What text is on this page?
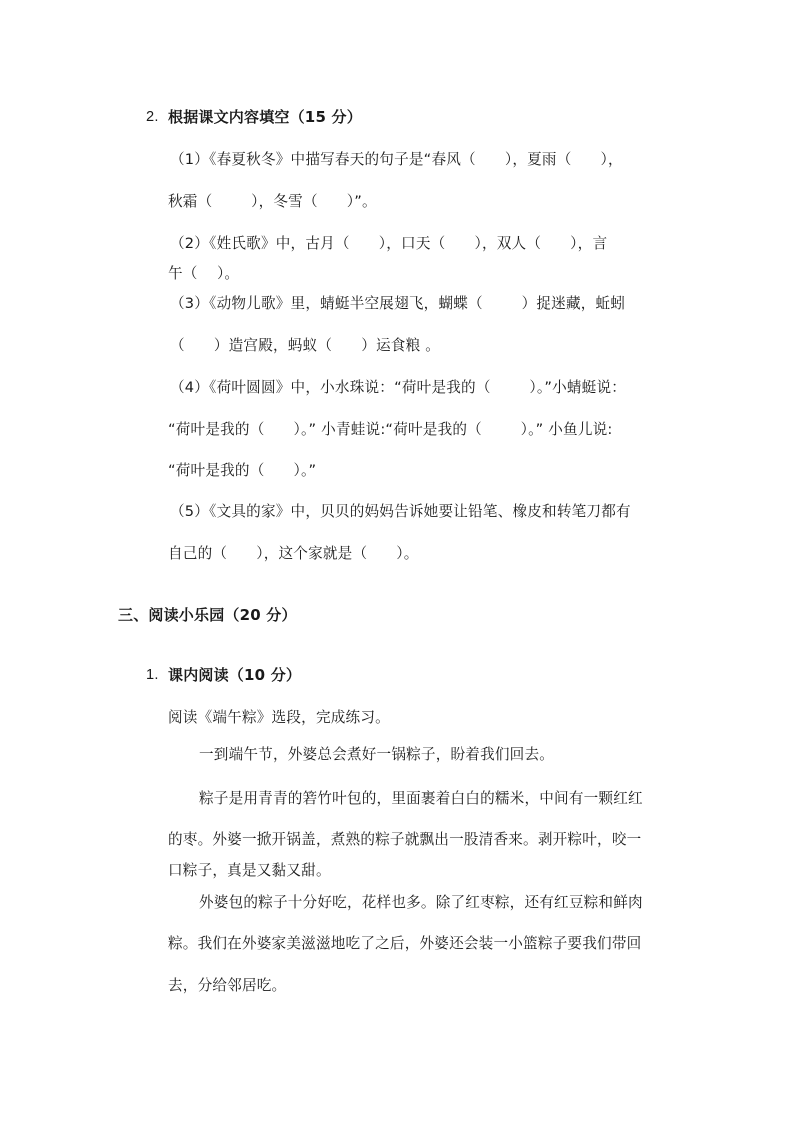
2. 根据课文内容填空（15 分）
（1）《春夏秋冬》中描写春天的句子是“春风（      ），夏雨（      ），
秋霜（        ），冬雪（      ）”。
（2）《姓氏歌》中，古月（      ），口天（      ），双人（      ），言
午（    ）。
（3）《动物儿歌》里，蜻蜓半空展翅飞，蝴蝶（        ）捉迷藏，蚯蚓
（      ）造宫殿，蚂蚁（      ）运食粮 。
（4）《荷叶圆圆》中，小水珠说：“荷叶是我的（        ）。”小蜻蜓说：
“荷叶是我的（      ）。” 小青蛙说:“荷叶是我的（        ）。” 小鱼儿说:
“荷叶是我的（      ）。”
（5）《文具的家》中，贝贝的妈妈告诉她要让铅笔、橡皮和转笔刀都有
自己的（      ），这个家就是（      ）。
三、阅读小乐园（20 分）
1. 课内阅读（10 分）
阅读《端午粽》选段，完成练习。
一到端午节，外婆总会煮好一锅粽子，盼着我们回去。
粽子是用青青的箬竹叶包的，里面裹着白白的糯米，中间有一颗红红
的枣。外婆一掀开锅盖，煮熟的粽子就飘出一股清香来。剥开粽叶，咬一
口粽子，真是又黏又甜。
外婆包的粽子十分好吃，花样也多。除了红枣粽，还有红豆粽和鲜肉
粽。我们在外婆家美滋滋地吃了之后，外婆还会装一小篮粽子要我们带回
去，分给邻居吃。
